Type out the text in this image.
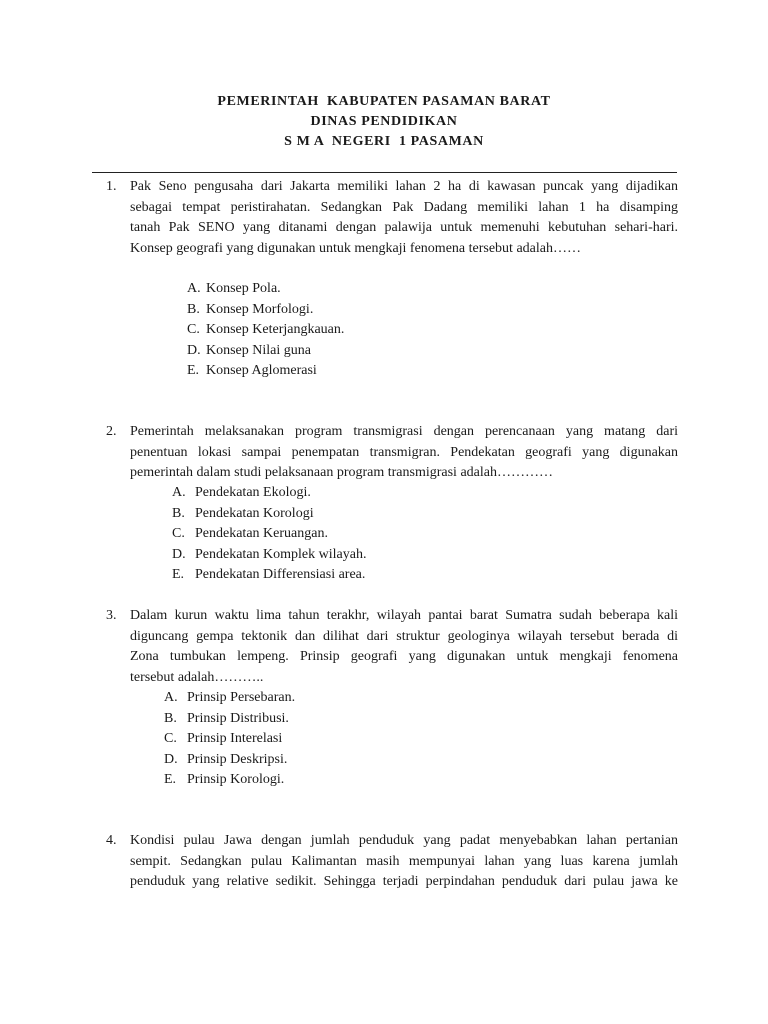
PEMERINTAH  KABUPATEN PASAMAN BARAT
DINAS PENDIDIKAN
S M A  NEGERI  1 PASAMAN
1. Pak Seno pengusaha dari Jakarta memiliki lahan 2 ha di kawasan puncak yang dijadikan
sebagai tempat peristirahatan. Sedangkan Pak Dadang memiliki lahan 1 ha disamping
tanah Pak SENO yang ditanami dengan palawija untuk memenuhi kebutuhan sehari-hari.
Konsep geografi yang digunakan untuk mengkaji fenomena tersebut adalah……
A. Konsep Pola.
B. Konsep Morfologi.
C. Konsep Keterjangkauan.
D. Konsep Nilai guna
E. Konsep Aglomerasi
2. Pemerintah melaksanakan program transmigrasi dengan perencanaan yang matang dari
penentuan lokasi sampai penempatan transmigran. Pendekatan geografi yang digunakan
pemerintah dalam studi pelaksanaan program transmigrasi adalah…………
A. Pendekatan Ekologi.
B. Pendekatan Korologi
C. Pendekatan Keruangan.
D. Pendekatan Komplek wilayah.
E. Pendekatan Differensiasi area.
3. Dalam kurun waktu lima tahun terakhr, wilayah pantai barat Sumatra sudah beberapa kali
diguncang gempa tektonik dan dilihat dari struktur geologinya wilayah tersebut berada di
Zona tumbukan lempeng. Prinsip geografi yang digunakan untuk mengkaji fenomena
tersebut adalah………..
A. Prinsip Persebaran.
B. Prinsip Distribusi.
C. Prinsip Interelasi
D. Prinsip Deskripsi.
E. Prinsip Korologi.
4. Kondisi pulau Jawa dengan jumlah penduduk yang padat menyebabkan lahan pertanian
sempit. Sedangkan pulau Kalimantan masih mempunyai lahan yang luas karena jumlah
penduduk yang relative sedikit. Sehingga terjadi perpindahan penduduk dari pulau jawa ke
